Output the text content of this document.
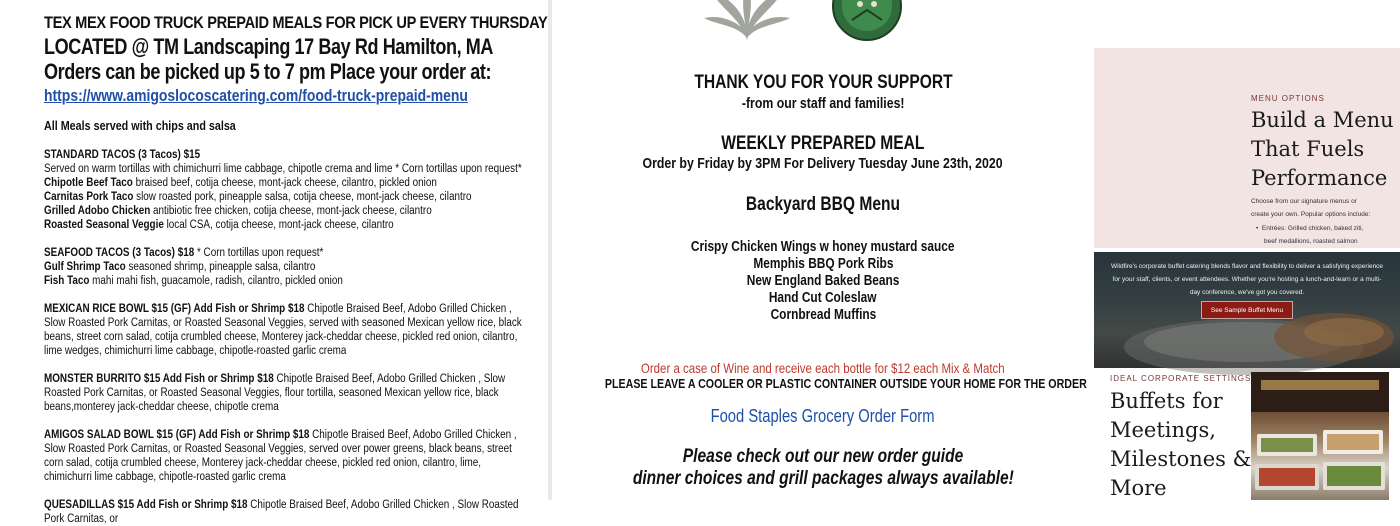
TEX MEX FOOD TRUCK PREPAID MEALS FOR PICK UP EVERY THURSDAY
LOCATED @ TM Landscaping 17 Bay Rd Hamilton, MA
Orders can be picked up 5 to 7 pm Place your order at:
https://www.amigoslocoscatering.com/food-truck-prepaid-menu
All Meals served with chips and salsa
STANDARD TACOS (3 Tacos) $15
Served on warm tortillas with chimichurri lime cabbage, chipotle crema and lime * Corn tortillas upon request*
Chipotle Beef Taco braised beef, cotija cheese, mont-jack cheese, cilantro, pickled onion
Carnitas Pork Taco slow roasted pork, pineapple salsa, cotija cheese, mont-jack cheese, cilantro
Grilled Adobo Chicken antibiotic free chicken, cotija cheese, mont-jack cheese, cilantro
Roasted Seasonal Veggie local CSA, cotija cheese, mont-jack cheese, cilantro
SEAFOOD TACOS (3 Tacos) $18 * Corn tortillas upon request*
Gulf Shrimp Taco seasoned shrimp, pineapple salsa, cilantro
Fish Taco mahi mahi fish, guacamole, radish, cilantro, pickled onion
MEXICAN RICE BOWL $15 (GF) Add Fish or Shrimp $18 Chipotle Braised Beef, Adobo Grilled Chicken , Slow Roasted Pork Carnitas, or Roasted Seasonal Veggies, served with seasoned Mexican yellow rice, black beans, street corn salad, cotija crumbled cheese, Monterey jack-cheddar cheese, pickled red onion, cilantro, lime wedges, chimichurri lime cabbage, chipotle-roasted garlic crema
MONSTER BURRITO $15 Add Fish or Shrimp $18 Chipotle Braised Beef, Adobo Grilled Chicken , Slow Roasted Pork Carnitas, or Roasted Seasonal Veggies, flour tortilla, seasoned Mexican yellow rice, black beans,monterey jack-cheddar cheese, chipotle crema
AMIGOS SALAD BOWL $15 (GF) Add Fish or Shrimp $18 Chipotle Braised Beef, Adobo Grilled Chicken , Slow Roasted Pork Carnitas, or Roasted Seasonal Veggies, served over power greens, black beans, street corn salad, cotija crumbled cheese, Monterey jack-cheddar cheese, pickled red onion, cilantro, lime, chimichurri lime cabbage, chipotle-roasted garlic crema
QUESADILLAS $15 Add Fish or Shrimp $18 Chipotle Braised Beef, Adobo Grilled Chicken , Slow Roasted Pork Carnitas, or
THANK YOU FOR YOUR SUPPORT
-from our staff and families!
WEEKLY PREPARED MEAL
Order by Friday by 3PM For Delivery Tuesday June 23th, 2020
Backyard BBQ Menu
Crispy Chicken Wings w honey mustard sauce
Memphis BBQ Pork Ribs
New England Baked Beans
Hand Cut Coleslaw
Cornbread Muffins
Order a case of Wine and receive each bottle for $12 each Mix & Match
PLEASE LEAVE A COOLER OR PLASTIC CONTAINER OUTSIDE YOUR HOME FOR THE ORDER
Food Staples Grocery Order Form
Please check out our new order guide
dinner choices and grill packages always available!
MENU OPTIONS
Build a Menu
That Fuels
Performance
Choose from our signature menus or
create your own. Popular options include:
•  Entrées: Grilled chicken, baked ziti,
beef medallions, roasted salmon
Wildfire's corporate buffet catering blends flavor and flexibility to deliver a satisfying experience for your staff, clients, or event attendees. Whether you're hosting a lunch-and-learn or a multi-day conference, we've got you covered.
See Sample Buffet Menu
IDEAL CORPORATE SETTINGS
Buffets for
Meetings,
Milestones &
More
